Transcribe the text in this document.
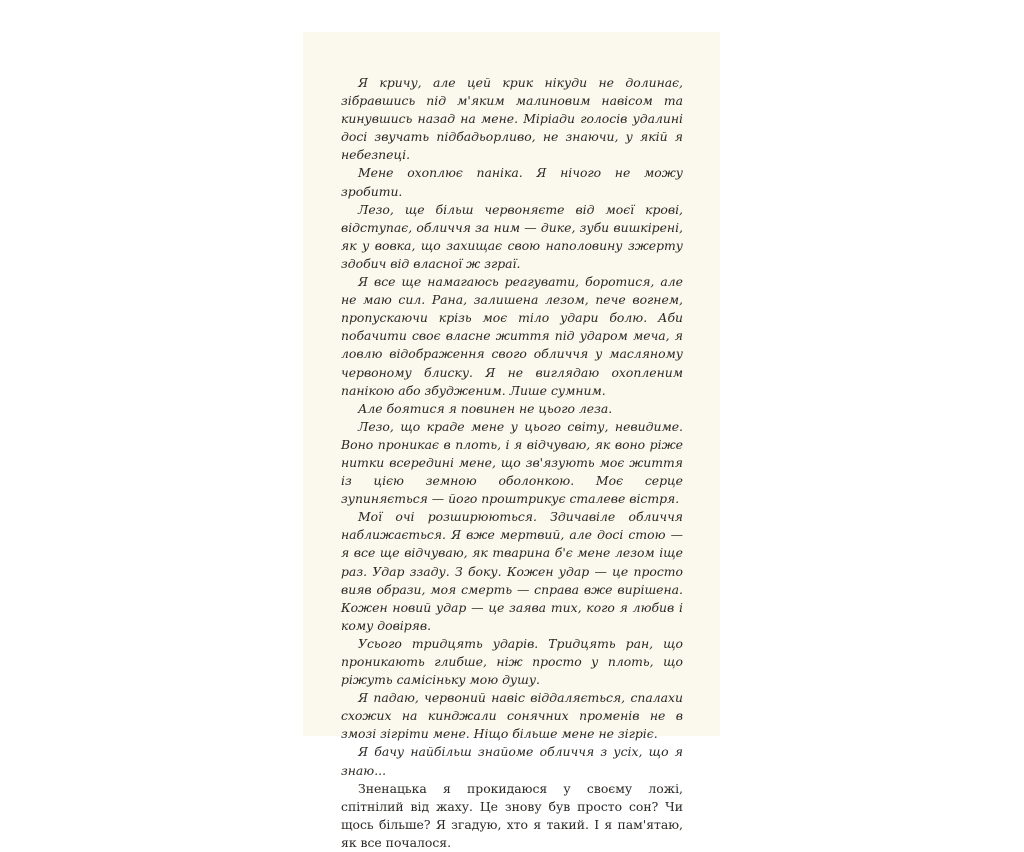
Я кричу, але цей крик нікуди не долинає, зібравшись під м'яким малиновим навісом та кинувшись назад на мене. Міріади голосів удалині досі звучать підбадьорливо, не знаючи, у якій я небезпеці.

Мене охоплює паніка. Я нічого не можу зробити.

Лезо, ще більш червоняєте від моєї крові, відступає, обличчя за ним — дике, зуби вишкірені, як у вовка, що захищає свою наполовину зжерту здобич від власної ж зграї.

Я все ще намагаюсь реагувати, боротися, але не маю сил. Рана, залишена лезом, пече вогнем, пропускаючи крізь моє тіло удари болю. Аби побачити своє власне життя під ударом меча, я ловлю відображення свого обличчя у масляному червоному блиску. Я не виглядаю охопленим панікою або збудженим. Лише сумним.

Але боятися я повинен не цього леза.

Лезо, що краде мене у цього світу, невидиме. Воно проникає в плоть, і я відчуваю, як воно ріже нитки всередині мене, що зв'язують моє життя із цією земною оболонкою. Моє серце зупиняється — його проштрикує сталеве вістря.

Мої очі розширюються. Здичавіле обличчя наближається. Я вже мертвий, але досі стою — я все ще відчуваю, як тварина б'є мене лезом іще раз. Удар ззаду. З боку. Кожен удар — це просто вияв образи, моя смерть — справа вже вирішена. Кожен новий удар — це заява тих, кого я любив і кому довіряв.

Усього тридцять ударів. Тридцять ран, що проникають глибше, ніж просто у плоть, що ріжуть самісіньку мою душу.

Я падаю, червоний навіс віддаляється, спалахи схожих на кинджали сонячних променів не в змозі зігріти мене. Ніщо більше мене не зігріє.

Я бачу найбільш знайоме обличчя з усіх, що я знаю...

Зненацька я прокидаюся у своєму ложі, спітнілий від жаху. Це знову був просто сон? Чи щось більше? Я згадую, хто я такий. І я пам'ятаю, як все почалося.
